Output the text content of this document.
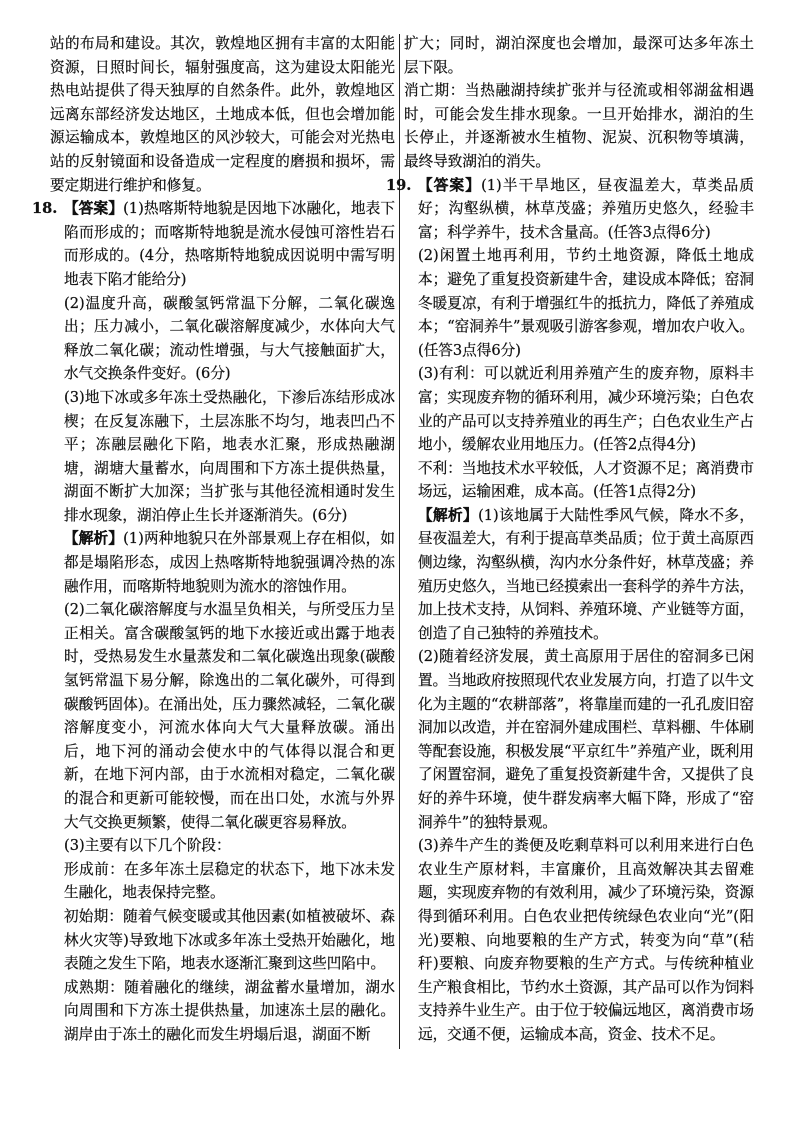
站的布局和建设。其次，敦煌地区拥有丰富的太阳能资源，日照时间长，辐射强度高，这为建设太阳能光热电站提供了得天独厚的自然条件。此外，敦煌地区远离东部经济发达地区，土地成本低，但也会增加能源运输成本，敦煌地区的风沙较大，可能会对光热电站的反射镜面和设备造成一定程度的磨损和损坏，需要定期进行维护和修复。

18. 【答案】(1)热喀斯特地貌是因地下冰融化，地表下陷而形成的；而喀斯特地貌是流水侵蚀可溶性岩石而形成的。(4分，热喀斯特地貌成因说明中需写明地表下陷才能给分)

(2)温度升高，碳酸氢钙常温下分解，二氧化碳逸出；压力减小，二氧化碳溶解度减少，水体向大气释放二氧化碳；流动性增强，与大气接触面扩大，水气交换条件变好。(6分)

(3)地下冰或多年冻土受热融化，下渗后冻结形成冰楔；在反复冻融下，土层冻胀不均匀，地表凹凸不平；冻融层融化下陷，地表水汇聚，形成热融湖塘，湖塘大量蓄水，向周围和下方冻土提供热量，湖面不断扩大加深；当扩张与其他径流相通时发生排水现象，湖泊停止生长并逐渐消失。(6分)

【解析】(1)两种地貌只在外部景观上存在相似，如都是塌陷形态，成因上热喀斯特地貌强调冷热的冻融作用，而喀斯特地貌则为流水的溶蚀作用。

(2)二氧化碳溶解度与水温呈负相关，与所受压力呈正相关。富含碳酸氢钙的地下水接近或出露于地表时，受热易发生水量蒸发和二氧化碳逸出现象(碳酸氢钙常温下易分解，除逸出的二氧化碳外，可得到碳酸钙固体)。在涌出处，压力骤然减轻，二氧化碳溶解度变小，河流水体向大气大量释放碳。涌出后，地下河的涌动会使水中的气体得以混合和更新，在地下河内部，由于水流相对稳定，二氧化碳的混合和更新可能较慢，而在出口处，水流与外界大气交换更频繁，使得二氧化碳更容易释放。

(3)主要有以下几个阶段：

形成前：在多年冻土层稳定的状态下，地下冰未发生融化，地表保持完整。

初始期：随着气候变暖或其他因素(如植被破坏、森林火灾等)导致地下冰或多年冻土受热开始融化，地表随之发生下陷，地表水逐渐汇聚到这些凹陷中。

成熟期：随着融化的继续，湖盆蓄水量增加，湖水向周围和下方冻土提供热量，加速冻土层的融化。湖岸由于冻土的融化而发生坍塌后退，湖面不断

扩大；同时，湖泊深度也会增加，最深可达多年冻土层下限。

消亡期：当热融湖持续扩张并与径流或相邻湖盆相遇时，可能会发生排水现象。一旦开始排水，湖泊的生长停止，并逐渐被水生植物、泥炭、沉积物等填满，最终导致湖泊的消失。

19. 【答案】(1)半干旱地区，昼夜温差大，草类品质好；沟壑纵横，林草茂盛；养殖历史悠久，经验丰富；科学养牛，技术含量高。(任答3点得6分)

(2)闲置土地再利用，节约土地资源，降低土地成本；避免了重复投资新建牛舍，建设成本降低；窑洞冬暖夏凉，有利于增强红牛的抵抗力，降低了养殖成本；“窑洞养牛”景观吸引游客参观，增加农户收入。(任答3点得6分)

(3)有利：可以就近利用养殖产生的废弃物，原料丰富；实现废弃物的循环利用，减少环境污染；白色农业的产品可以支持养殖业的再生产；白色农业生产占地小，缓解农业用地压力。(任答2点得4分)

不利：当地技术水平较低，人才资源不足；离消费市场远，运输困难，成本高。(任答1点得2分)

【解析】(1)该地属于大陆性季风气候，降水不多，昼夜温差大，有利于提高草类品质；位于黄土高原西侧边缘，沟壑纵横，沟内水分条件好，林草茂盛；养殖历史悠久，当地已经摸索出一套科学的养牛方法，加上技术支持，从饲料、养殖环境、产业链等方面，创造了自己独特的养殖技术。

(2)随着经济发展，黄土高原用于居住的窑洞多已闲置。当地政府按照现代农业发展方向，打造了以牛文化为主题的“农耕部落”，将靠崖而建的一孔孔废旧窑洞加以改造，并在窑洞外建成围栏、草料棚、牛体刷等配套设施，积极发展“平京红牛”养殖产业，既利用了闲置窑洞，避免了重复投资新建牛舍，又提供了良好的养牛环境，使牛群发病率大幅下降，形成了“窑洞养牛”的独特景观。

(3)养牛产生的粪便及吃剩草料可以利用来进行白色农业生产原材料，丰富廉价，且高效解决其去留难题，实现废弃物的有效利用，减少了环境污染，资源得到循环利用。白色农业把传统绿色农业向“光”(阳光)要粮、向地要粮的生产方式，转变为向“草”(秸秆)要粮、向废弃物要粮的生产方式。与传统种植业生产粮食相比，节约水土资源，其产品可以作为饲料支持养牛业生产。由于位于较偏远地区，离消费市场远，交通不便，运输成本高，资金、技术不足。
